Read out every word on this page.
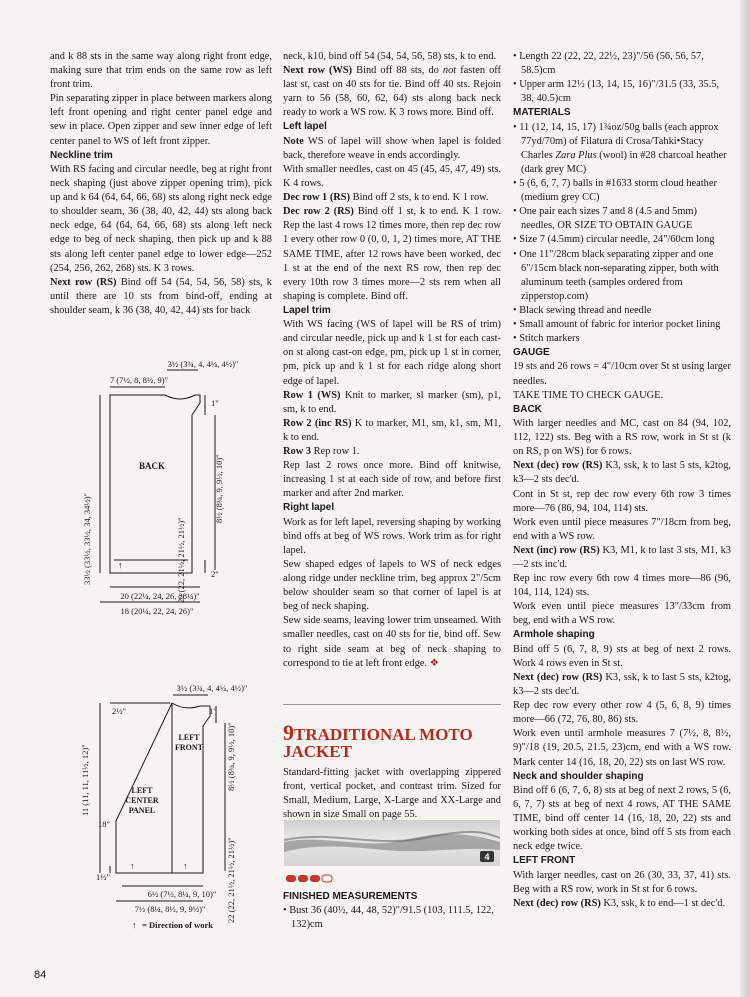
and k 88 sts in the same way along right front edge, making sure that trim ends on the same row as left front trim.

Pin separating zipper in place between markers along left front opening and right center panel edge and sew in place. Open zipper and sew inner edge of left center panel to WS of left front zipper.

Neckline trim

With RS facing and circular needle, beg at right front neck shaping (just above zipper opening trim), pick up and k 64 (64, 64, 66, 68) sts along right neck edge to shoulder seam, 36 (38, 40, 42, 44) sts along back neck edge, 64 (64, 64, 66, 68) sts along left neck edge to beg of neck shaping, then pick up and k 88 sts along left center panel edge to lower edge—252 (254, 256, 262, 268) sts. K 3 rows.

Next row (RS) Bind off 54 (54, 54, 56, 58) sts, k until there are 10 sts from bind-off, ending at shoulder seam, k 36 (38, 40, 42, 44) sts for back

3½ (3¾, 4, 4¼, 4½)"
7 (7½, 8, 8½, 9)"
1"
8½ (8¾, 9, 9½, 10)"
33½ (33½, 33½, 34, 34½)"	22 (22, 21½, 21½, 21½)"	2"
20 (22¼, 24, 26, 28¼)"
18 (20¼, 22, 24, 26)"
BACK
↑
3½ (3¾, 4, 4¼, 4½)"
2½"	1"
11 (11, 11, 11½, 12)"	8½ (8¾, 9, 9½, 10)"
18"
22 (22, 21½, 21½, 21½)"
1½"
6½ (7½, 8¼, 9, 10)"
7½ (8¼, 8½, 9, 9½)"
LEFT
FRONT
LEFT
CENTER
PANEL
↑ = Direction of work
↑	↑

neck, k10, bind off 54 (54, 54, 56, 58) sts, k to end.

Next row (WS) Bind off 88 sts, do not fasten off last st, cast on 40 sts for tie. Bind off 40 sts. Rejoin yarn to 56 (58, 60, 62, 64) sts along back neck ready to work a WS row. K 3 rows more. Bind off.

Left lapel

Note WS of lapel will show when lapel is folded back, therefore weave in ends accordingly.

With smaller needles, cast on 45 (45, 45, 47, 49) sts. K 4 rows.

Dec row 1 (RS) Bind off 2 sts, k to end. K 1 row.

Dec row 2 (RS) Bind off 1 st, k to end. K 1 row. Rep the last 4 rows 12 times more, then rep dec row 1 every other row 0 (0, 0, 1, 2) times more, AT THE SAME TIME, after 12 rows have been worked, dec 1 st at the end of the next RS row, then rep dec every 10th row 3 times more—2 sts rem when all shaping is complete. Bind off.

Lapel trim

With WS facing (WS of lapel will be RS of trim) and circular needle, pick up and k 1 st for each cast-on st along cast-on edge, pm, pick up 1 st in corner, pm, pick up and k 1 st for each ridge along short edge of lapel.

Row 1 (WS) Knit to marker, sl marker (sm), p1, sm, k to end.

Row 2 (inc RS) K to marker, M1, sm, k1, sm, M1, k to end.

Row 3 Rep row 1.

Rep last 2 rows once more. Bind off knitwise, increasing 1 st at each side of row, and before first marker and after 2nd marker.

Right lapel

Work as for left lapel, reversing shaping by working bind offs at beg of WS rows. Work trim as for right lapel.

Sew shaped edges of lapels to WS of neck edges along ridge under neckline trim, beg approx 2"/5cm below shoulder seam so that corner of lapel is at beg of neck shaping.

Sew side seams, leaving lower trim unseamed. With smaller needles, cast on 40 sts for tie, bind off. Sew to right side seam at beg of neck shaping to correspond to tie at left front edge. ❖

9TRADITIONAL MOTO
JACKET

Standard-fitting jacket with overlapping zippered front, vertical pocket, and contrast trim. Sized for Small, Medium, Large, X-Large and XX-Large and shown in size Small on page 55.

4

FINISHED MEASUREMENTS

• Bust 36 (40½, 44, 48, 52)"/91.5 (103, 111.5, 122, 132)cm

• Length 22 (22, 22, 22½, 23)"/56 (56, 56, 57, 58.5)cm

• Upper arm 12½ (13, 14, 15, 16)"/31.5 (33, 35.5, 38, 40.5)cm

MATERIALS

• 11 (12, 14, 15, 17) 1¾oz/50g balls (each approx 77yd/70m) of Filatura di Crosa/Tahki•Stacy Charles Zara Plus (wool) in #28 charcoal heather (dark grey MC)

• 5 (6, 6, 7, 7) balls in #1633 storm cloud heather (medium grey CC)

• One pair each sizes 7 and 8 (4.5 and 5mm) needles, OR SIZE TO OBTAIN GAUGE

• Size 7 (4.5mm) circular needle, 24"/60cm long

• One 11"/28cm black separating zipper and one 6"/15cm black non-separating zipper, both with aluminum teeth (samples ordered from zipperstop.com)

• Black sewing thread and needle

• Small amount of fabric for interior pocket lining

• Stitch markers

GAUGE

19 sts and 26 rows = 4"/10cm over St st using larger needles.

TAKE TIME TO CHECK GAUGE.

BACK

With larger needles and MC, cast on 84 (94, 102, 112, 122) sts. Beg with a RS row, work in St st (k on RS, p on WS) for 6 rows.

Next (dec) row (RS) K3, ssk, k to last 5 sts, k2tog, k3—2 sts dec'd.

Cont in St st, rep dec row every 6th row 3 times more—76 (86, 94, 104, 114) sts.

Work even until piece measures 7"/18cm from beg, end with a WS row.

Next (inc) row (RS) K3, M1, k to last 3 sts, M1, k3—2 sts inc'd.

Rep inc row every 6th row 4 times more—86 (96, 104, 114, 124) sts.

Work even until piece measures 13"/33cm from beg, end with a WS row.

Armhole shaping

Bind off 5 (6, 7, 8, 9) sts at beg of next 2 rows. Work 4 rows even in St st.

Next (dec) row (RS) K3, ssk, k to last 5 sts, k2tog, k3—2 sts dec'd.

Rep dec row every other row 4 (5, 6, 8, 9) times more—66 (72, 76, 80, 86) sts.

Work even until armhole measures 7 (7½, 8, 8½, 9)"/18 (19, 20.5, 21.5, 23)cm, end with a WS row. Mark center 14 (16, 18, 20, 22) sts on last WS row.

Neck and shoulder shaping

Bind off 6 (6, 7, 6, 8) sts at beg of next 2 rows, 5 (6, 6, 7, 7) sts at beg of next 4 rows, AT THE SAME TIME, bind off center 14 (16, 18, 20, 22) sts and working both sides at once, bind off 5 sts from each neck edge twice.

LEFT FRONT

With larger needles, cast on 26 (30, 33, 37, 41) sts. Beg with a RS row, work in St st for 6 rows.

Next (dec) row (RS) K3, ssk, k to end—1 st dec'd.

84
